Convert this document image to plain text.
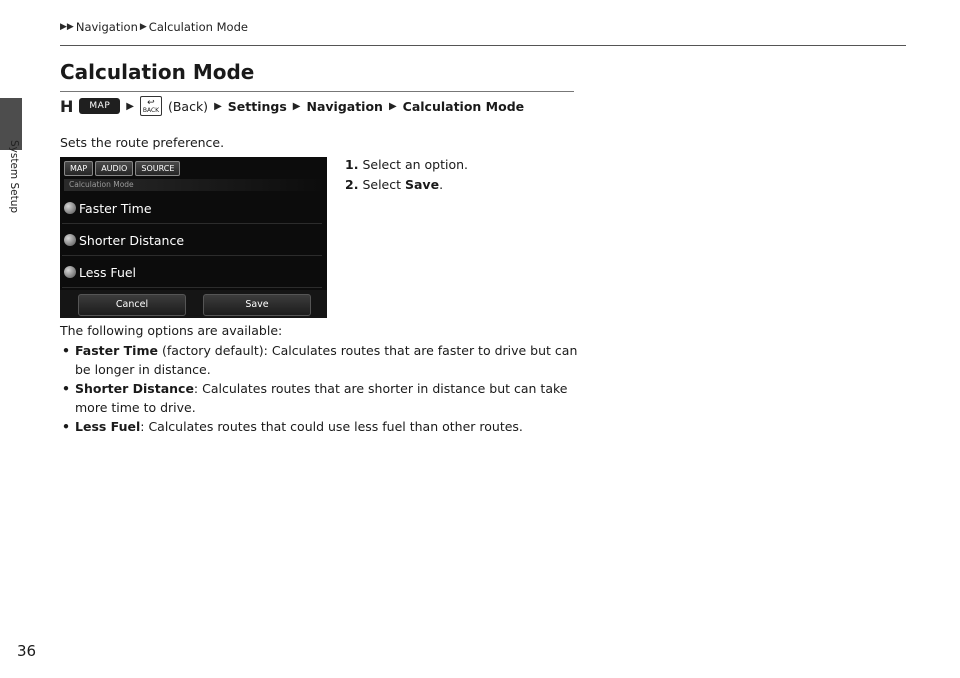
System Setup
▶▶ Navigation ▶ Calculation Mode
Calculation Mode
H	MAP	▶ ↩
BACK (Back) ▶ Settings ▶ Navigation ▶ Calculation Mode

Sets the route preference.

MAP	AUDIO	SOURCE
Calculation Mode
Faster Time
Shorter Distance
Less Fuel
Cancel	Save
1. Select an option.
2. Select Save.

The following options are available:

• Faster Time (factory default): Calculates routes that are faster to drive but can be longer in distance.
• Shorter Distance: Calculates routes that are shorter in distance but can take more time to drive.
• Less Fuel: Calculates routes that could use less fuel than other routes.
36
